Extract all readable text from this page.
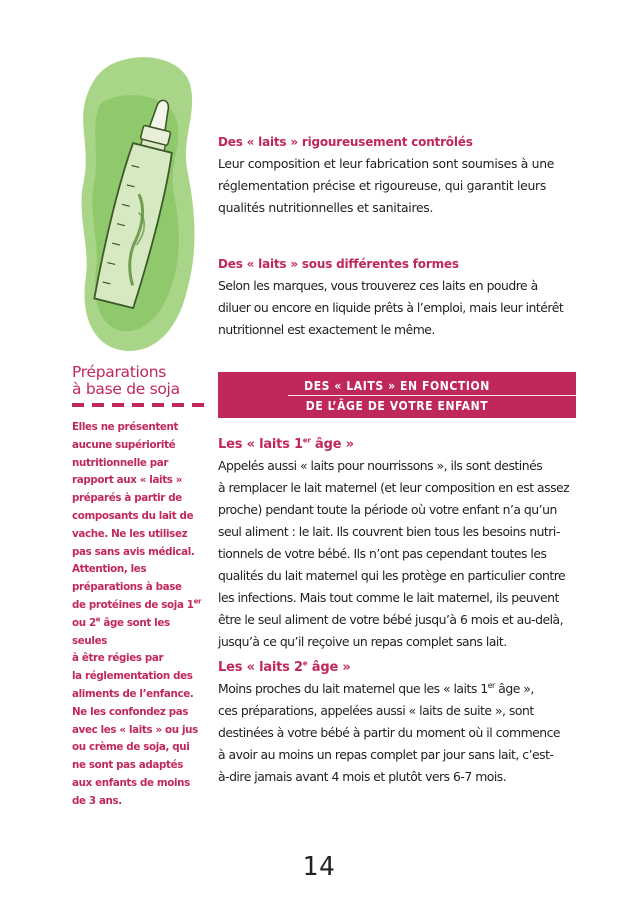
Des « laits » rigoureusement contrôlés
Leur composition et leur fabrication sont soumises à une
réglementation précise et rigoureuse, qui garantit leurs
qualités nutritionnelles et sanitaires.
Des « laits » sous différentes formes
Selon les marques, vous trouverez ces laits en poudre à
diluer ou encore en liquide prêts à l’emploi, mais leur intérêt
nutritionnel est exactement le même.
Préparations
à base de soja
Elles ne présentent
aucune supériorité
nutritionnelle par
rapport aux « laits »
préparés à partir de
composants du lait de
vache. Ne les utilisez
pas sans avis médical.
Attention, les
préparations à base
de protéines de soja 1er
ou 2e âge sont les seules
à être régies par
la réglementation des
aliments de l’enfance.
Ne les confondez pas
avec les « laits » ou jus
ou crème de soja, qui
ne sont pas adaptés
aux enfants de moins
de 3 ans.
DES « LAITS » EN FONCTION
DE L’ÂGE DE VOTRE ENFANT
Les « laits 1er âge »
Appelés aussi « laits pour nourrissons », ils sont destinés
à remplacer le lait maternel (et leur composition en est assez
proche) pendant toute la période où votre enfant n’a qu’un
seul aliment : le lait. Ils couvrent bien tous les besoins nutri-
tionnels de votre bébé. Ils n’ont pas cependant toutes les
qualités du lait maternel qui les protège en particulier contre
les infections. Mais tout comme le lait maternel, ils peuvent
être le seul aliment de votre bébé jusqu’à 6 mois et au-delà,
jusqu’à ce qu’il reçoive un repas complet sans lait.
Les « laits 2e âge »
Moins proches du lait maternel que les « laits 1er âge »,
ces préparations, appelées aussi « laits de suite », sont
destinées à votre bébé à partir du moment où il commence
à avoir au moins un repas complet par jour sans lait, c’est-
à-dire jamais avant 4 mois et plutôt vers 6-7 mois.
14
